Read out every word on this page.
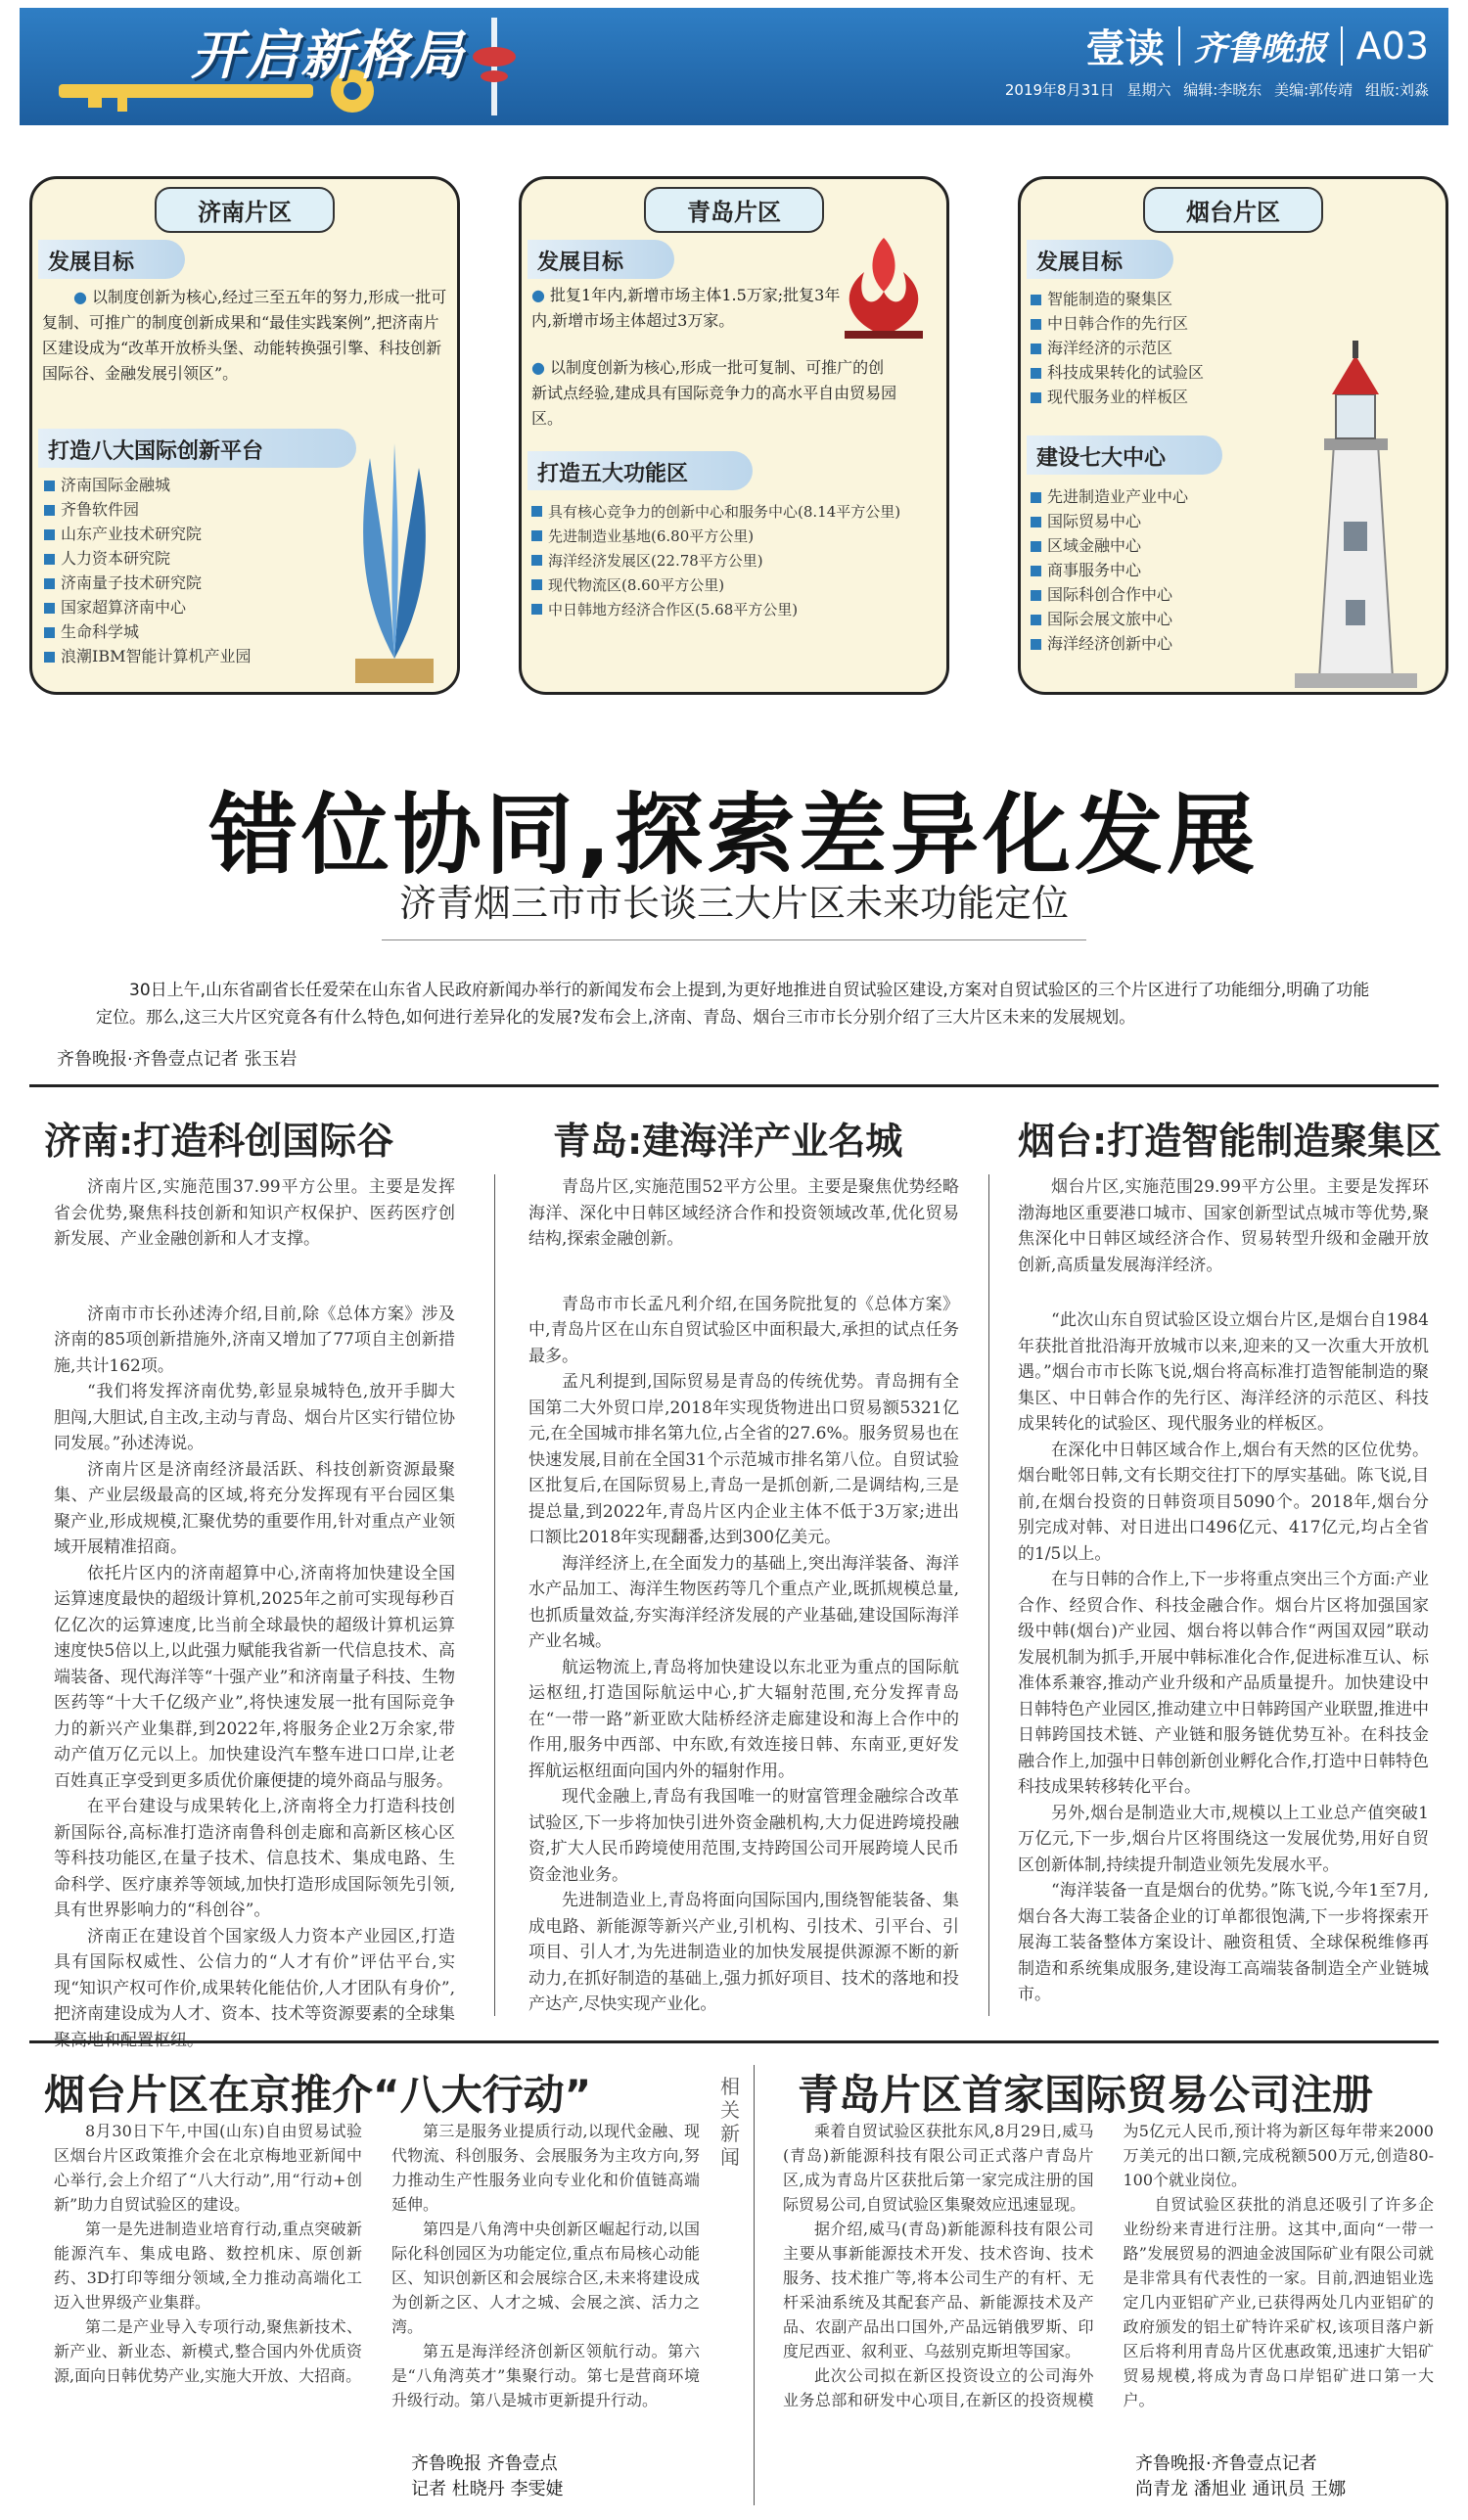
开启新格局	壹读 齐鲁晚报 A03
2019年8月31日 星期六 编辑:李晓东 美编:郭传靖 组版:刘淼
济南片区
发展目标
● 以制度创新为核心,经过三至五年的努力,形成一批可复制、可推广的制度创新成果和“最佳实践案例”,把济南片区建设成为“改革开放桥头堡、动能转换强引擎、科技创新国际谷、金融发展引领区”。
打造八大国际创新平台
济南国际金融城
齐鲁软件园
山东产业技术研究院
人力资本研究院
济南量子技术研究院
国家超算济南中心
生命科学城
浪潮IBM智能计算机产业园
青岛片区
发展目标
● 批复1年内,新增市场主体1.5万家;批复3年内,新增市场主体超过3万家。
● 以制度创新为核心,形成一批可复制、可推广的创新试点经验,建成具有国际竞争力的高水平自由贸易园区。
打造五大功能区
具有核心竞争力的创新中心和服务中心(8.14平方公里)
先进制造业基地(6.80平方公里)
海洋经济发展区(22.78平方公里)
现代物流区(8.60平方公里)
中日韩地方经济合作区(5.68平方公里)
烟台片区
发展目标
智能制造的聚集区
中日韩合作的先行区
海洋经济的示范区
科技成果转化的试验区
现代服务业的样板区
建设七大中心
先进制造业产业中心
国际贸易中心
区域金融中心
商事服务中心
国际科创合作中心
国际会展文旅中心
海洋经济创新中心
错位协同,探索差异化发展
济青烟三市市长谈三大片区未来功能定位
30日上午,山东省副省长任爱荣在山东省人民政府新闻办举行的新闻发布会上提到,为更好地推进自贸试验区建设,方案对自贸试验区的三个片区进行了功能细分,明确了功能定位。那么,这三大片区究竟各有什么特色,如何进行差异化的发展?发布会上,济南、青岛、烟台三市市长分别介绍了三大片区未来的发展规划。
齐鲁晚报·齐鲁壹点记者 张玉岩
济南:打造科创国际谷	青岛:建海洋产业名城	烟台:打造智能制造聚集区

济南片区,实施范围37.99平方公里。主要是发挥省会优势,聚焦科技创新和知识产权保护、医药医疗创新发展、产业金融创新和人才支撑。

济南市市长孙述涛介绍,目前,除《总体方案》涉及济南的85项创新措施外,济南又增加了77项自主创新措施,共计162项。

“我们将发挥济南优势,彰显泉城特色,放开手脚大胆闯,大胆试,自主改,主动与青岛、烟台片区实行错位协同发展。”孙述涛说。

济南片区是济南经济最活跃、科技创新资源最聚集、产业层级最高的区域,将充分发挥现有平台园区集聚产业,形成规模,汇聚优势的重要作用,针对重点产业领域开展精准招商。

依托片区内的济南超算中心,济南将加快建设全国运算速度最快的超级计算机,2025年之前可实现每秒百亿亿次的运算速度,比当前全球最快的超级计算机运算速度快5倍以上,以此强力赋能我省新一代信息技术、高端装备、现代海洋等“十强产业”和济南量子科技、生物医药等“十大千亿级产业”,将快速发展一批有国际竞争力的新兴产业集群,到2022年,将服务企业2万余家,带动产值万亿元以上。加快建设汽车整车进口口岸,让老百姓真正享受到更多质优价廉便捷的境外商品与服务。

在平台建设与成果转化上,济南将全力打造科技创新国际谷,高标准打造济南鲁科创走廊和高新区核心区等科技功能区,在量子技术、信息技术、集成电路、生命科学、医疗康养等领域,加快打造形成国际领先引领,具有世界影响力的“科创谷”。

济南正在建设首个国家级人力资本产业园区,打造具有国际权威性、公信力的“人才有价”评估平台,实现“知识产权可作价,成果转化能估价,人才团队有身价”,把济南建设成为人才、资本、技术等资源要素的全球集

青岛片区,实施范围52平方公里。主要是聚焦优势经略海洋、深化中日韩区域经济合作和投资领域改革,优化贸易结构,探索金融创新。

青岛市市长孟凡利介绍,在国务院批复的《总体方案》中,青岛片区在山东自贸试验区中面积最大,承担的试点任务最多。

孟凡利提到,国际贸易是青岛的传统优势。青岛拥有全国第二大外贸口岸,2018年实现货物进出口贸易额5321亿元,在全国城市排名第九位,占全省的27.6%。服务贸易也在快速发展,目前在全国31个示范城市排名第八位。自贸试验区批复后,在国际贸易上,青岛一是抓创新,二是调结构,三是提总量,到2022年,青岛片区内企业主体不低于3万家;进出口额比2018年实现翻番,达到300亿美元。

海洋经济上,在全面发力的基础上,突出海洋装备、海洋水产品加工、海洋生物医药等几个重点产业,既抓规模总量,也抓质量效益,夯实海洋经济发展的产业基础,建设国际海洋产业名城。

航运物流上,青岛将加快建设以东北亚为重点的国际航运枢纽,打造国际航运中心,扩大辐射范围,充分发挥青岛在“一带一路”新亚欧大陆桥经济走廊建设和海上合作中的作用,服务中西部、中东欧,有效连接日韩、东南亚,更好发挥航运枢纽面向国内外的辐射作用。

现代金融上,青岛有我国唯一的财富管理金融综合改革试验区,下一步将加快引进外资金融机构,大力促进跨境投融资,扩大人民币跨境使用范围,支持跨国公司开展跨境人民币资金池业务。

先进制造业上,青岛将面向国际国内,围绕智能装备、集成电路、新能源等新兴产业,引机构、引技术、引平台、引项目、引人才,为先进制造业的加快发展提供源源不断的新动力,在抓好制造的基础上,强力抓好项目、技术的落地和投产达产,尽快实现产业化。

烟台片区,实施范围29.99平方公里。主要是发挥环渤海地区重要港口城市、国家创新型试点城市等优势,聚焦深化中日韩区域经济合作、贸易转型升级和金融开放创新,高质量发展海洋经济。

“此次山东自贸试验区设立烟台片区,是烟台自1984年获批首批沿海开放城市以来,迎来的又一次重大开放机遇。”烟台市市长陈飞说,烟台将高标准打造智能制造的聚集区、中日韩合作的先行区、海洋经济的示范区、科技成果转化的试验区、现代服务业的样板区。

在深化中日韩区域合作上,烟台有天然的区位优势。烟台毗邻日韩,文有长期交往打下的厚实基础。陈飞说,目前,在烟台投资的日韩资项目5090个。2018年,烟台分别完成对韩、对日进出口496亿元、417亿元,均占全省的1/5以上。

在与日韩的合作上,下一步将重点突出三个方面:产业合作、经贸合作、科技金融合作。烟台片区将加强国家级中韩(烟台)产业园、烟台将以韩合作“两国双园”联动发展机制为抓手,开展中韩标准化合作,促进标准互认、标准体系兼容,推动产业升级和产品质量提升。加快建设中日韩特色产业园区,推动建立中日韩跨国产业联盟,推进中日韩跨国技术链、产业链和服务链优势互补。在科技金融合作上,加强中日韩创新创业孵化合作,打造中日韩特色科技成果转移转化平台。

另外,烟台是制造业大市,规模以上工业总产值突破1万亿元,下一步,烟台片区将围绕这一发展优势,用好自贸区创新体制,持续提升制造业领先发展水平。

“海洋装备一直是烟台的优势。”陈飞说,今年1至7月,烟台各大海工装备企业的订单都很饱满,下一步将探索开展海工装备整体方案设计、融资租赁、全球保税维修再制造和系统集成服务,建设海工高端装备制造全产业链城市。

烟台片区在京推介“八大行动”

8月30日下午,中国(山东)自由贸易试验区烟台片区政策推介会在北京梅地亚新闻中心举行,会上介绍了“八大行动”,用“行动+创新”助力自贸试验区的建设。

第一是先进制造业培育行动,重点突破新能源汽车、集成电路、数控机床、原创新药、3D打印等细分领域,全力推动高端化工迈入世界级产业集群。

第二是产业导入专项行动,聚焦新技术、新产业、新业态、新模式,整合国内外优质资源,面向日韩优势产业,实施大开放、大招商。

第三是服务业提质行动,以现代金融、现代物流、科创服务、会展服务为主攻方向,努力推动生产性服务业向专业化和价值链高端延伸。

第四是八角湾中央创新区崛起行动,以国际化科创园区为功能定位,重点布局核心动能区、知识创新区和会展综合区,未来将建设成为创新之区、人才之城、会展之滨、活力之湾。

第五是海洋经济创新区领航行动。第六是“八角湾英才”集聚行动。第七是营商环境升级行动。第八是城市更新提升行动。

齐鲁晚报 齐鲁壹点
记者 杜晓丹 李雯婕
相关新闻
青岛片区首家国际贸易公司注册

乘着自贸试验区获批东风,8月29日,威马(青岛)新能源科技有限公司正式落户青岛片区,成为青岛片区获批后第一家完成注册的国际贸易公司,自贸试验区集聚效应迅速显现。

据介绍,威马(青岛)新能源科技有限公司主要从事新能源技术开发、技术咨询、技术服务、技术推广等,将本公司生产的有杆、无杆采油系统及其配套产品、新能源技术及产品、农副产品出口国外,产品远销俄罗斯、印度尼西亚、叙利亚、乌兹别克斯坦等国家。

此次公司拟在新区投资设立的公司海外业务总部和研发中心项目,在新区的投资规模为5亿元人民币,预计将为新区每年带来2000万美元的出口额,完成税额500万元,创造80-100个就业岗位。

自贸试验区获批的消息还吸引了许多企业纷纷来青进行注册。这其中,面向“一带一路”发展贸易的泗迪金波国际矿业有限公司就是非常具有代表性的一家。目前,泗迪铝业选定几内亚铝矿产业,已获得两处几内亚铝矿的政府颁发的铝土矿特许采矿权,该项目落户新区后将利用青岛片区优惠政策,迅速扩大铝矿贸易规模,将成为青岛口岸铝矿进口第一大户。

齐鲁晚报·齐鲁壹点记者
尚青龙 潘旭业 通讯员 王娜
